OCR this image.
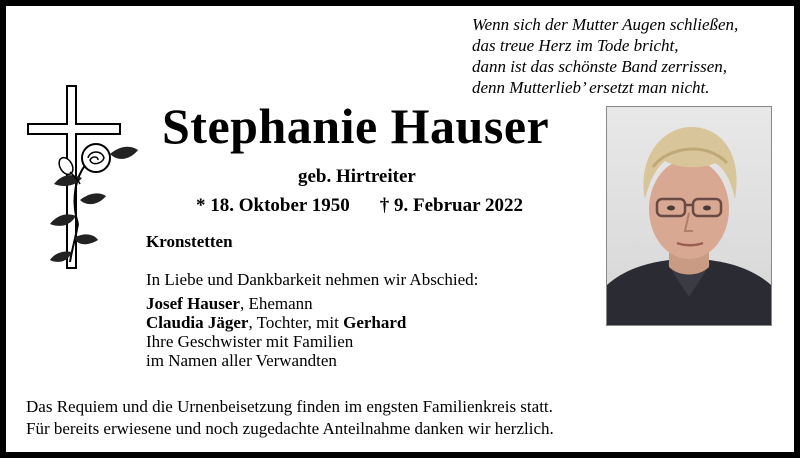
Wenn sich der Mutter Augen schließen,
das treue Herz im Tode bricht,
dann ist das schönste Band zerrissen,
denn Mutterlieb’ ersetzt man nicht.
Stephanie Hauser
geb. Hirtreiter
* 18. Oktober 1950 † 9. Februar 2022
Kronstetten
In Liebe und Dankbarkeit nehmen wir Abschied:
Josef Hauser, Ehemann
Claudia Jäger, Tochter, mit Gerhard
Ihre Geschwister mit Familien
im Namen aller Verwandten
Das Requiem und die Urnenbeisetzung finden im engsten Familienkreis statt.
Für bereits erwiesene und noch zugedachte Anteilnahme danken wir herzlich.
